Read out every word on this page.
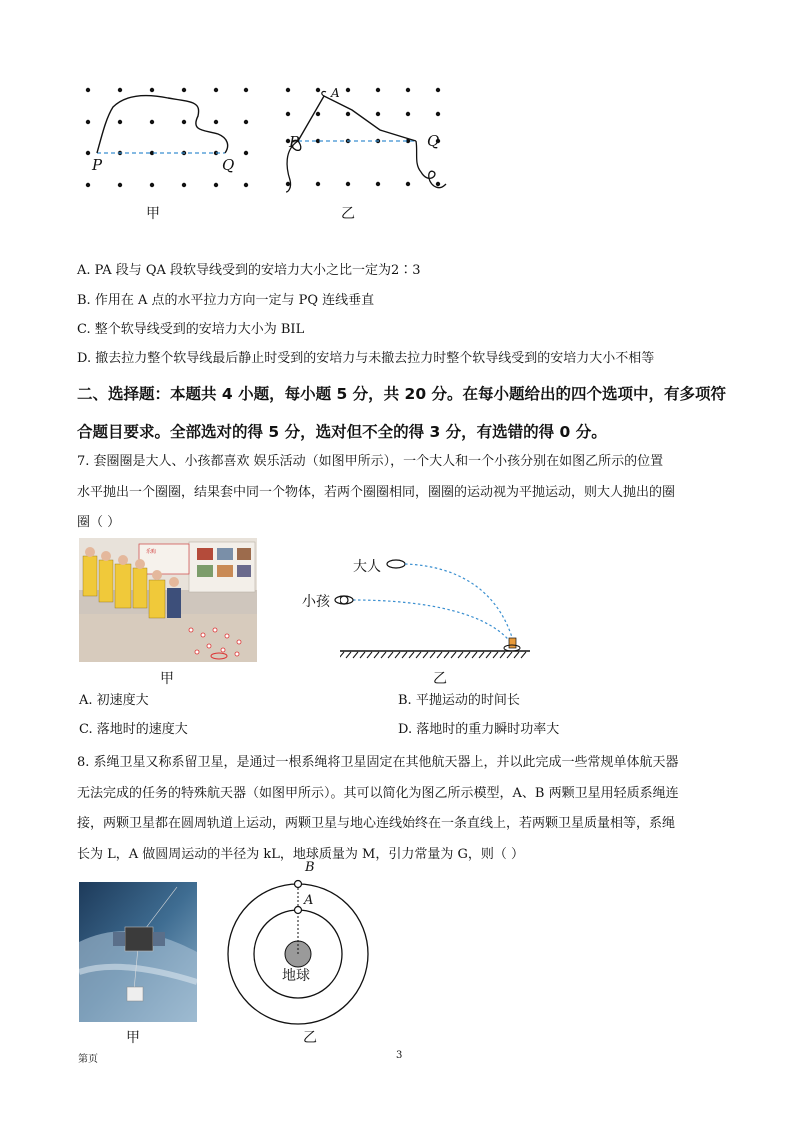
P	Q
甲
A
P	Q
乙
A. PA 段与 QA 段软导线受到的安培力大小之比一定为2∶3
B. 作用在 A 点的水平拉力方向一定与 PQ 连线垂直
C. 整个软导线受到的安培力大小为 BIL
D. 撤去拉力整个软导线最后静止时受到的安培力与未撤去拉力时整个软导线受到的安培力大小不相等
二、选择题：本题共 4 小题，每小题 5 分，共 20 分。在每小题给出的四个选项中，有多项符
合题目要求。全部选对的得 5 分，选对但不全的得 3 分，有选错的得 0 分。
7. 套圈圈是大人、小孩都喜欢 娱乐活动（如图甲所示），一个大人和一个小孩分别在如图乙所示的位置
水平抛出一个圈圈，结果套中同一个物体，若两个圈圈相同，圈圈的运动视为平抛运动，则大人抛出的圈
圈（ ）
乐购
甲
大人
小孩
乙
A. 初速度大	B. 平抛运动的时间长
C. 落地时的速度大	D. 落地时的重力瞬时功率大
8. 系绳卫星又称系留卫星，是通过一根系绳将卫星固定在其他航天器上，并以此完成一些常规单体航天器
无法完成的任务的特殊航天器（如图甲所示）。其可以简化为图乙所示模型，A、B 两颗卫星用轻质系绳连
接，两颗卫星都在圆周轨道上运动，两颗卫星与地心连线始终在一条直线上，若两颗卫星质量相等，系绳
长为 L，A 做圆周运动的半径为 kL，地球质量为 M，引力常量为 G，则（ ）
甲
B
A
地球
乙
第页	3
